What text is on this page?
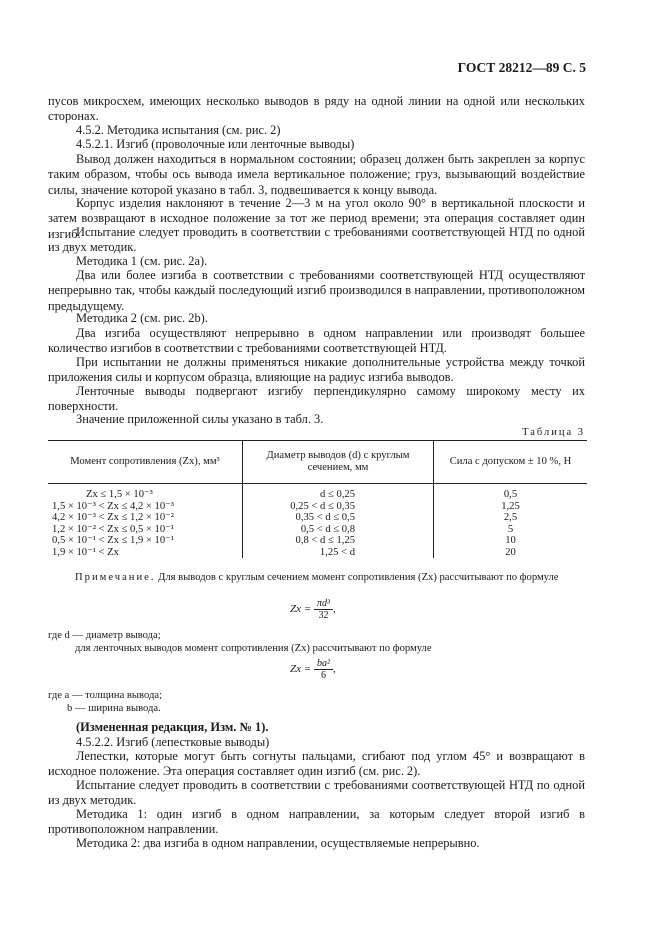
ГОСТ 28212—89 С. 5
пусов микросхем, имеющих несколько выводов в ряду на одной линии на одной или нескольких сторонах.
4.5.2. Методика испытания (см. рис. 2)
4.5.2.1. Изгиб (проволочные или ленточные выводы)
Вывод должен находиться в нормальном состоянии; образец должен быть закреплен за корпус таким образом, чтобы ось вывода имела вертикальное положение; груз, вызывающий воздействие силы, значение которой указано в табл. 3, подвешивается к концу вывода.
Корпус изделия наклоняют в течение 2—3 м на угол около 90° в вертикальной плоскости и затем возвращают в исходное положение за тот же период времени; эта операция составляет один изгиб.
Испытание следует проводить в соответствии с требованиями соответствующей НТД по одной из двух методик.
Методика 1 (см. рис. 2а).
Два или более изгиба в соответствии с требованиями соответствующей НТД осуществляют непрерывно так, чтобы каждый последующий изгиб производился в направлении, противоположном предыдущему.
Методика 2 (см. рис. 2b).
Два изгиба осуществляют непрерывно в одном направлении или производят большее количество изгибов в соответствии с требованиями соответствующей НТД.
При испытании не должны применяться никакие дополнительные устройства между точкой приложения силы и корпусом образца, влияющие на радиус изгиба выводов.
Ленточные выводы подвергают изгибу перпендикулярно самому широкому месту их поверхности.
Значение приложенной силы указано в табл. 3.
Таблица 3
Момент сопротивления (Zx), мм³	Диаметр выводов (d) с круглым сечением, мм	Сила с допуском ± 10 %, Н
Zx ≤ 1,5 × 10⁻³	d ≤ 0,25	0,5
1,5 × 10⁻³ < Zx ≤ 4,2 × 10⁻³	0,25 < d ≤ 0,35	1,25
4,2 × 10⁻³ < Zx ≤ 1,2 × 10⁻²	0,35 < d ≤ 0,5	2,5
1,2 × 10⁻² < Zx ≤ 0,5 × 10⁻¹	0,5 < d ≤ 0,8	5
0,5 × 10⁻¹ < Zx ≤ 1,9 × 10⁻¹	0,8 < d ≤ 1,25	10
1,9 × 10⁻¹ < Zx	1,25 < d	20
Примечание. Для выводов с круглым сечением момент сопротивления (Zx) рассчитывают по формуле
$Zx = \frac{\text{πd³}}{32}$ ,
где d — диаметр вывода;
для ленточных выводов момент сопротивления (Zx) рассчитывают по формуле
$Zx = \frac{\text{ba²}}{6}$ ,
где a — толщина вывода;
b — ширина вывода.
(Измененная редакция, Изм. № 1).
4.5.2.2. Изгиб (лепестковые выводы)
Лепестки, которые могут быть согнуты пальцами, сгибают под углом 45° и возвращают в исходное положение. Эта операция составляет один изгиб (см. рис. 2).
Испытание следует проводить в соответствии с требованиями соответствующей НТД по одной из двух методик.
Методика 1: один изгиб в одном направлении, за которым следует второй изгиб в противоположном направлении.
Методика 2: два изгиба в одном направлении, осуществляемые непрерывно.
